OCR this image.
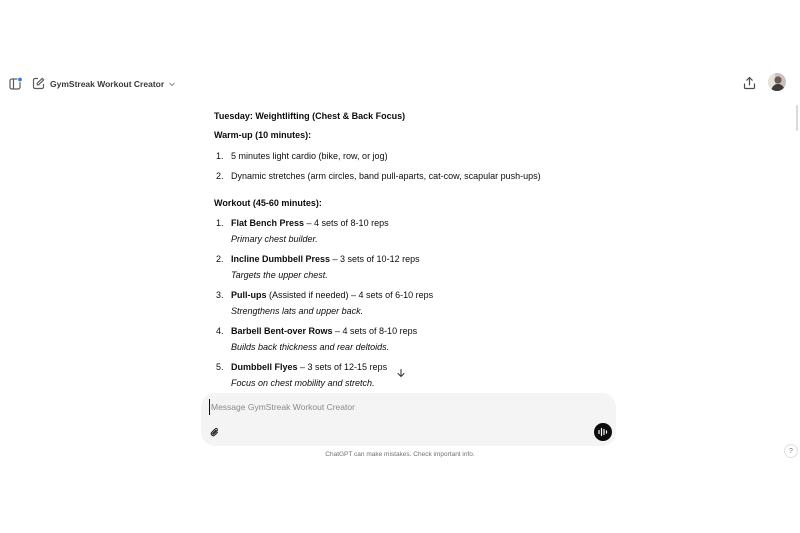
GymStreak Workout Creator
Tuesday: Weightlifting (Chest & Back Focus)
Warm-up (10 minutes):
1. 5 minutes light cardio (bike, row, or jog)
2. Dynamic stretches (arm circles, band pull-aparts, cat-cow, scapular push-ups)
Workout (45-60 minutes):
1. Flat Bench Press – 4 sets of 8-10 reps
Primary chest builder.
2. Incline Dumbbell Press – 3 sets of 10-12 reps
Targets the upper chest.
3. Pull-ups (Assisted if needed) – 4 sets of 6-10 reps
Strengthens lats and upper back.
4. Barbell Bent-over Rows – 4 sets of 8-10 reps
Builds back thickness and rear deltoids.
5. Dumbbell Flyes – 3 sets of 12-15 reps
Focus on chest mobility and stretch.
Message GymStreak Workout Creator
ChatGPT can make mistakes. Check important info.	?
